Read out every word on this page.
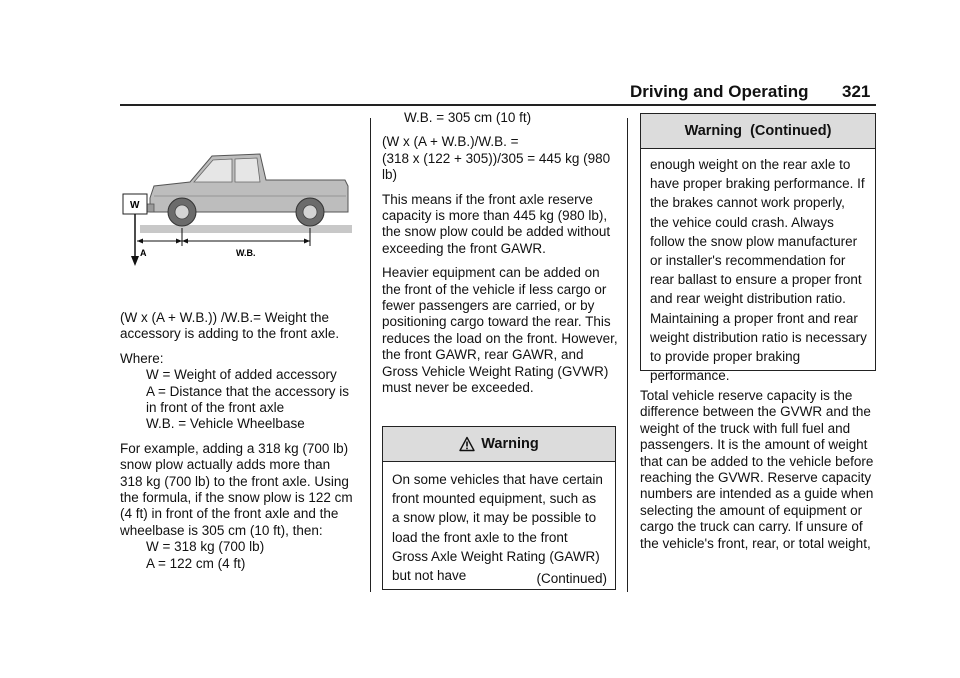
Driving and Operating 321
W
A	W.B.

(W x (A + W.B.)) /W.B.= Weight the accessory is adding to the front axle.

Where:
W = Weight of added accessory
A = Distance that the accessory is in front of the front axle
W.B. = Vehicle Wheelbase
For example, adding a 318 kg (700 lb) snow plow actually adds more than 318 kg (700 lb) to the front axle. Using the formula, if the snow plow is 122 cm (4 ft) in front of the front axle and the wheelbase is 305 cm (10 ft), then:
W = 318 kg (700 lb)
A = 122 cm (4 ft)
W.B. = 305 cm (10 ft)
(W x (A + W.B.)/W.B. =

(318 x (122 + 305))/305 = 445 kg (980 lb)

This means if the front axle reserve capacity is more than 445 kg (980 lb), the snow plow could be added without exceeding the front GAWR.

Heavier equipment can be added on the front of the vehicle if less cargo or fewer passengers are carried, or by positioning cargo toward the rear. This reduces the load on the front. However, the front GAWR, rear GAWR, and Gross Vehicle Weight Rating (GVWR) must never be exceeded.

Warning
On some vehicles that have certain front mounted equipment, such as a snow plow, it may be possible to load the front axle to the front Gross Axle Weight Rating (GAWR) but not have	(Continued)
Warning  (Continued)
enough weight on the rear axle to have proper braking performance. If the brakes cannot work properly, the vehice could crash. Always follow the snow plow manufacturer or installer's recommendation for rear ballast to ensure a proper front and rear weight distribution ratio. Maintaining a proper front and rear weight distribution ratio is necessary to provide proper braking performance.

Total vehicle reserve capacity is the difference between the GVWR and the weight of the truck with full fuel and passengers. It is the amount of weight that can be added to the vehicle before reaching the GVWR. Reserve capacity numbers are intended as a guide when selecting the amount of equipment or cargo the truck can carry. If unsure of the vehicle's front, rear, or total weight,
